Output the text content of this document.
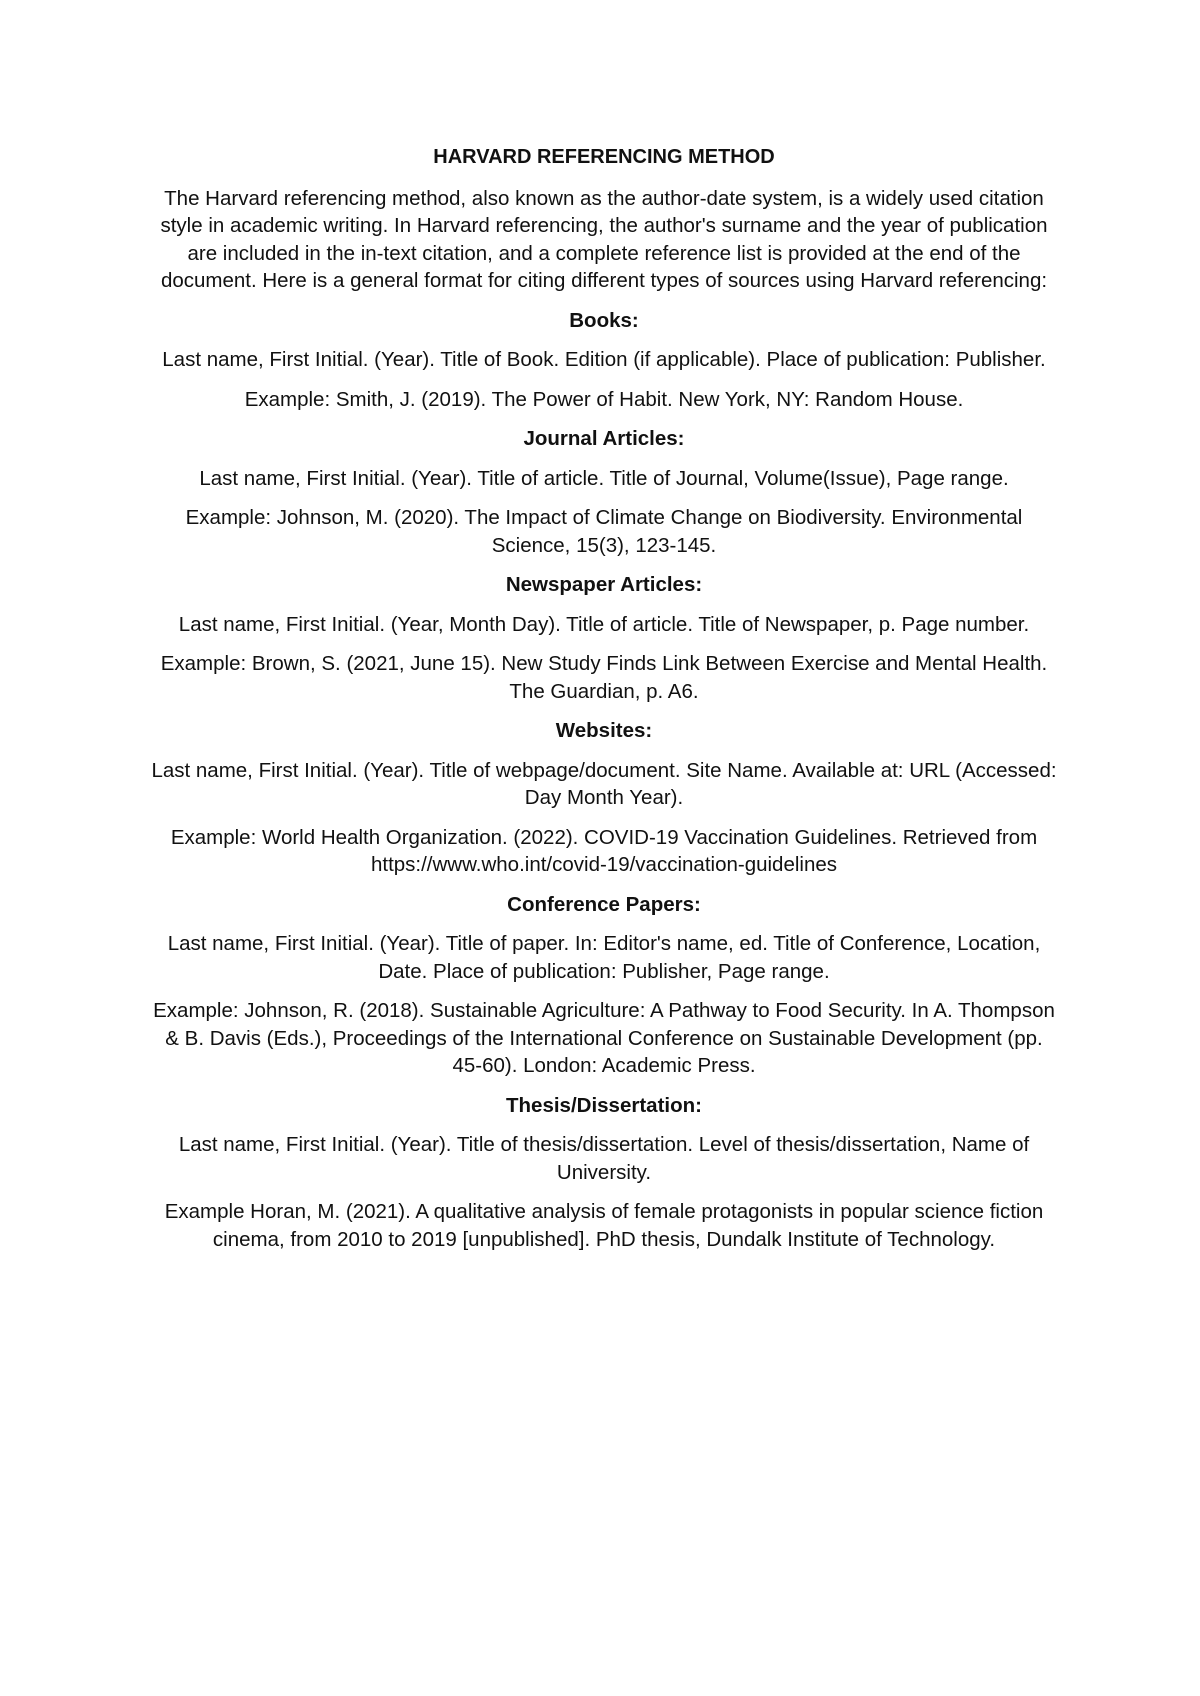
HARVARD REFERENCING METHOD

The Harvard referencing method, also known as the author-date system, is a widely used citation style in academic writing. In Harvard referencing, the author's surname and the year of publication are included in the in-text citation, and a complete reference list is provided at the end of the document. Here is a general format for citing different types of sources using Harvard referencing:

Books:

Last name, First Initial. (Year). Title of Book. Edition (if applicable). Place of publication: Publisher.

Example: Smith, J. (2019). The Power of Habit. New York, NY: Random House.

Journal Articles:

Last name, First Initial. (Year). Title of article. Title of Journal, Volume(Issue), Page range.

Example: Johnson, M. (2020). The Impact of Climate Change on Biodiversity. Environmental Science, 15(3), 123-145.

Newspaper Articles:

Last name, First Initial. (Year, Month Day). Title of article. Title of Newspaper, p. Page number.

Example: Brown, S. (2021, June 15). New Study Finds Link Between Exercise and Mental Health. The Guardian, p. A6.

Websites:

Last name, First Initial. (Year). Title of webpage/document. Site Name. Available at: URL (Accessed: Day Month Year).

Example: World Health Organization. (2022). COVID-19 Vaccination Guidelines. Retrieved from https://www.who.int/covid-19/vaccination-guidelines

Conference Papers:

Last name, First Initial. (Year). Title of paper. In: Editor's name, ed. Title of Conference, Location, Date. Place of publication: Publisher, Page range.

Example: Johnson, R. (2018). Sustainable Agriculture: A Pathway to Food Security. In A. Thompson & B. Davis (Eds.), Proceedings of the International Conference on Sustainable Development (pp. 45-60). London: Academic Press.

Thesis/Dissertation:

Last name, First Initial. (Year). Title of thesis/dissertation. Level of thesis/dissertation, Name of University.

Example Horan, M. (2021). A qualitative analysis of female protagonists in popular science fiction cinema, from 2010 to 2019 [unpublished]. PhD thesis, Dundalk Institute of Technology.
